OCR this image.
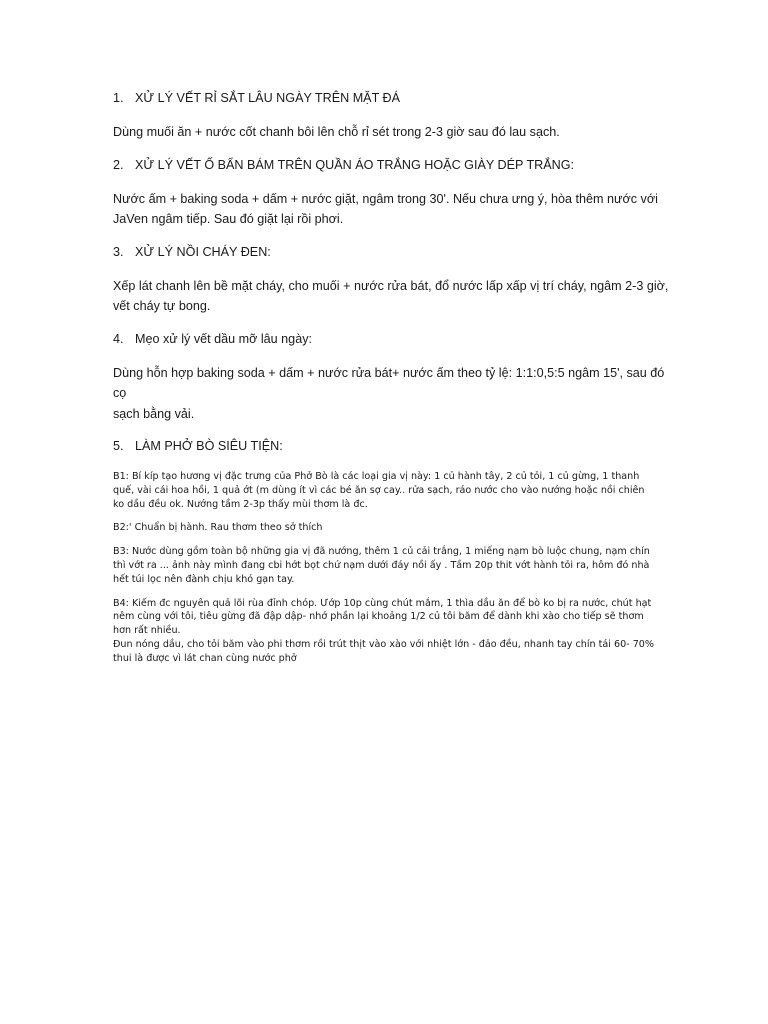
1. XỬ LÝ VẾT RỈ SẮT LÂU NGÀY TRÊN MẶT ĐÁ

Dùng muối ăn + nước cốt chanh bôi lên chỗ rỉ sét trong 2-3 giờ sau đó lau sạch.

2. XỬ LÝ VẾT Ố BẨN BÁM TRÊN QUẦN ÁO TRẮNG HOẶC GIÀY DÉP TRẮNG:

Nước ấm + baking soda + dấm + nước giặt, ngâm trong 30'. Nếu chưa ưng ý, hòa thêm nước với
JaVen ngâm tiếp. Sau đó giặt lại rồi phơi.

3. XỬ LÝ NỒI CHÁY ĐEN:

Xếp lát chanh lên bề mặt cháy, cho muối + nước rửa bát, đổ nước lấp xấp vị trí cháy, ngâm 2-3 giờ,
vết cháy tự bong.

4. Mẹo xử lý vết dầu mỡ lâu ngày:

Dùng hỗn hợp baking soda + dấm + nước rửa bát+ nước ấm theo tỷ lệ: 1:1:0,5:5 ngâm 15', sau đó cọ
sạch bằng vải.

5. LÀM PHỞ BÒ SIÊU TIỆN:

B1: Bí kíp tạo hương vị đặc trưng của Phở Bò là các loại gia vị này: 1 củ hành tây, 2 củ tỏi, 1 củ gừng, 1 thanh
quế, vài cái hoa hồi, 1 quả ớt (m dùng ít vì các bé ăn sợ cay.. rửa sạch, ráo nước cho vào nướng hoặc nồi chiên
ko dầu đều ok. Nướng tầm 2-3p thấy mùi thơm là đc.

B2:' Chuẩn bị hành. Rau thơm theo sở thích

B3: Nước dùng gồm toàn bộ những gia vị đã nướng, thêm 1 củ cải trắng, 1 miếng nạm bò luộc chung, nạm chín
thì vớt ra ... ảnh này mình đang cbi hớt bọt chứ nạm dưới đáy nồi ấy . Tầm 20p thit vớt hành tỏi ra, hôm đó nhà
hết túi lọc nên đành chịu khó gạn tay.

B4: Kiếm đc nguyên quả lõi rùa đỉnh chóp. Ướp 10p cùng chút mắm, 1 thìa dầu ăn để bò ko bị ra nước, chút hạt
nêm cùng với tôi, tiêu gừng đã đập dập- nhớ phần lại khoảng 1/2 củ tôi băm để dành khi xào cho tiếp sẽ thơm
hơn rất nhiều.
Đun nóng dầu, cho tỏi băm vào phi thơm rồi trút thịt vào xào với nhiệt lớn - đảo đều, nhanh tay chín tái 60- 70%
thui là được vì lát chan cùng nước phở
